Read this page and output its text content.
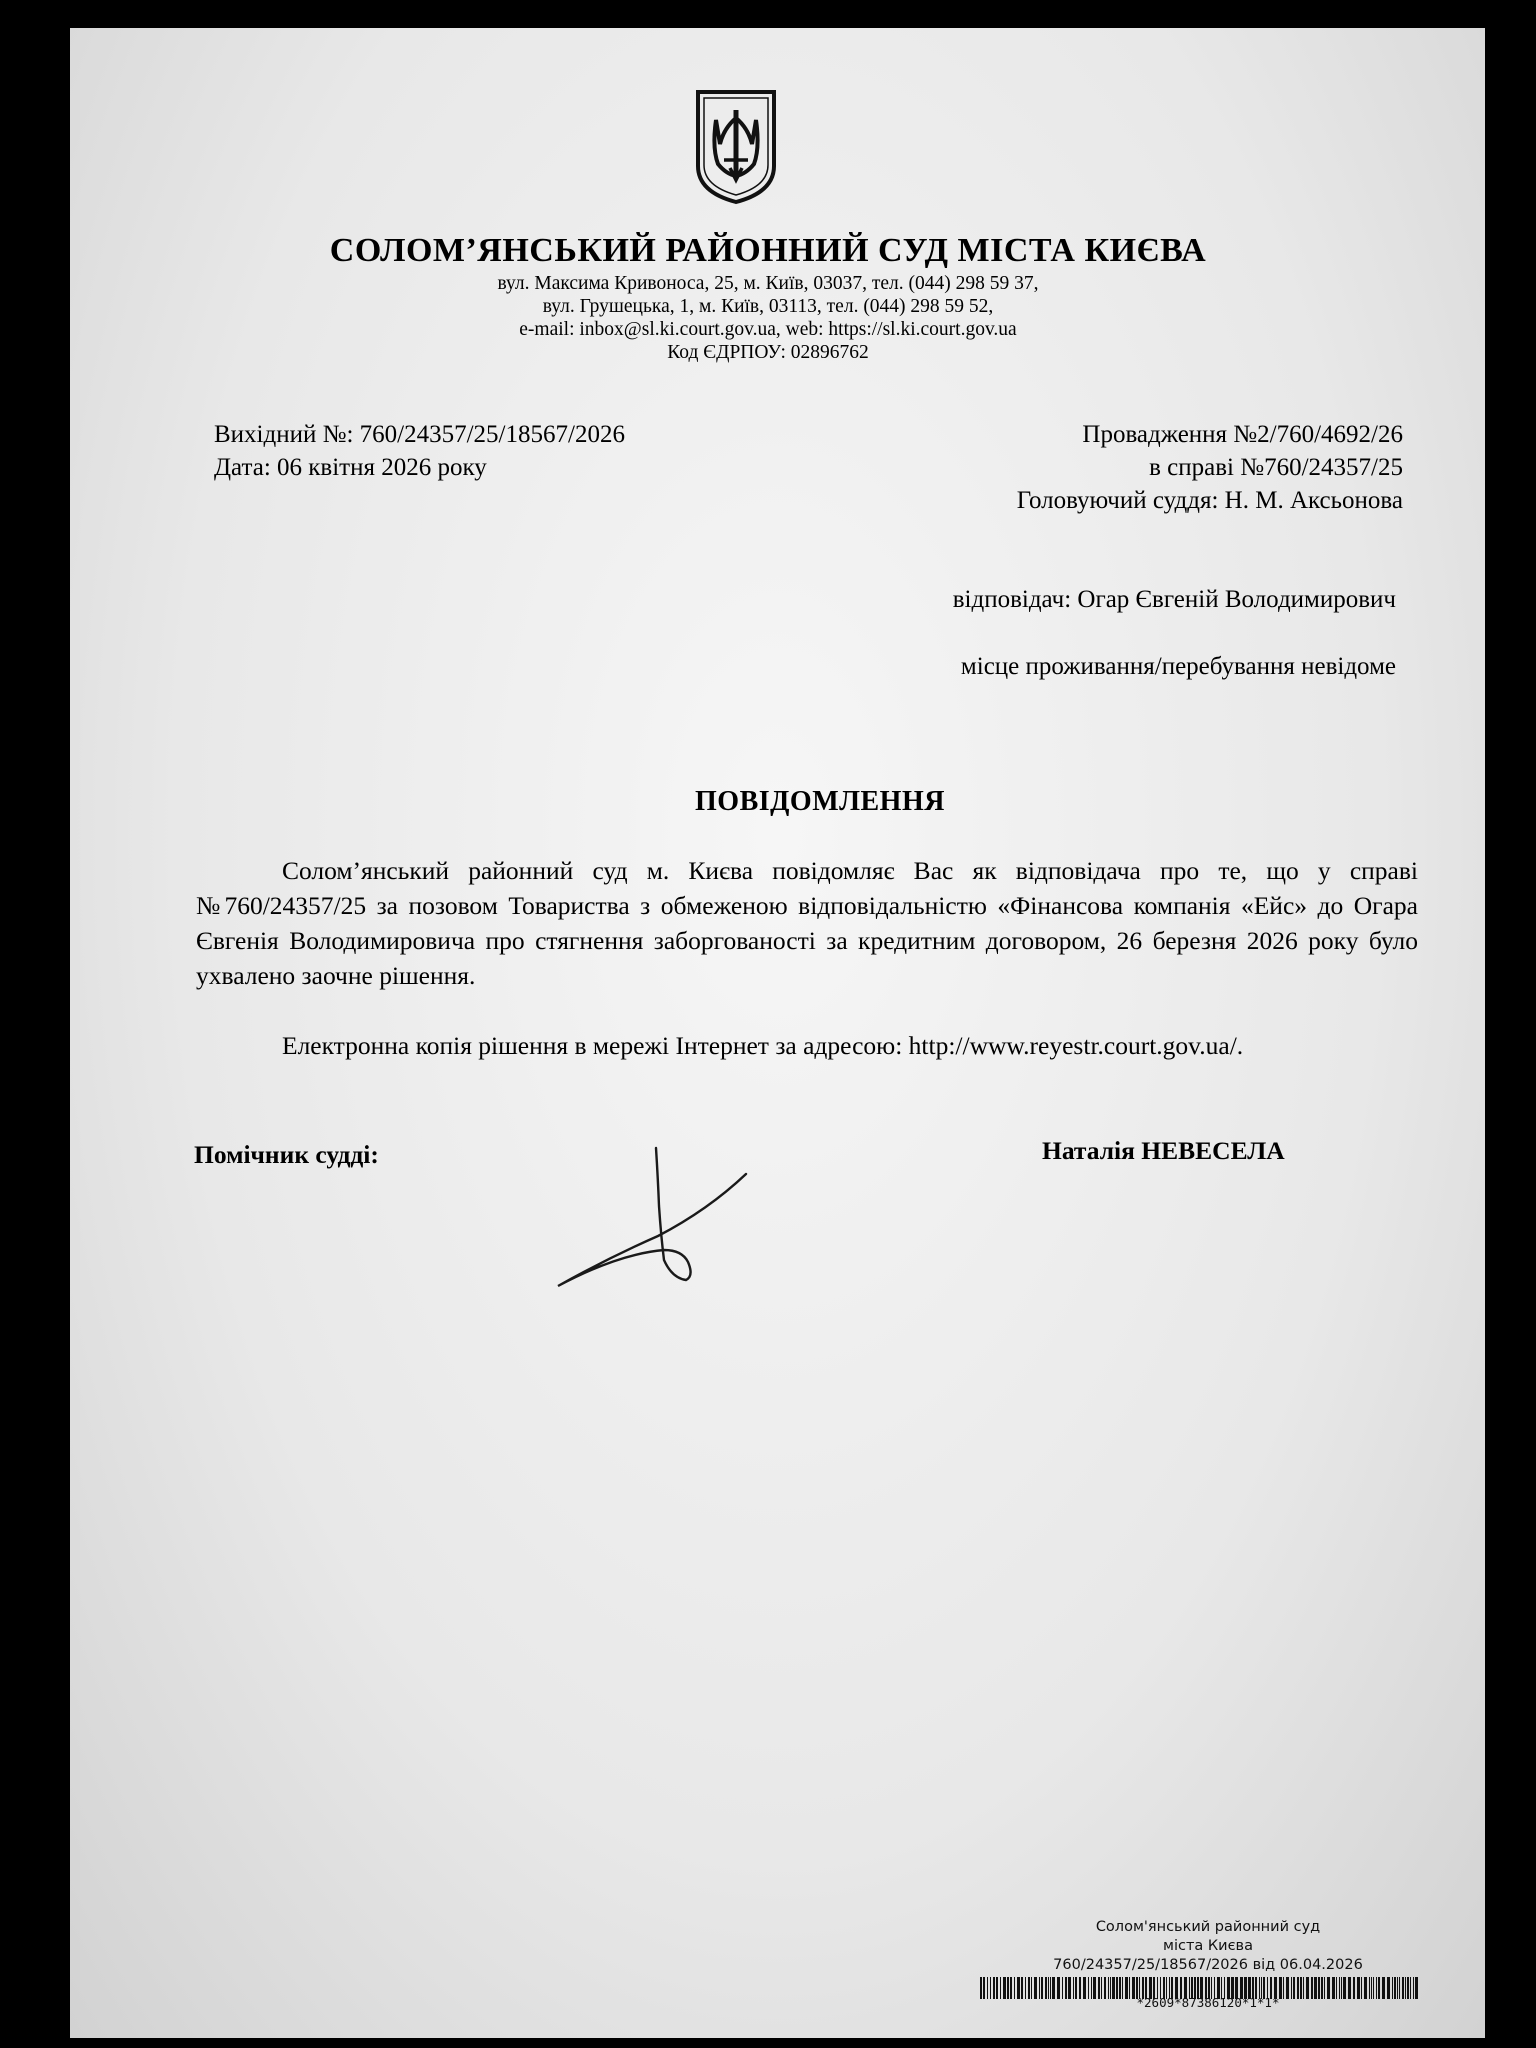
СОЛОМ’ЯНСЬКИЙ РАЙОННИЙ СУД МІСТА КИЄВА
вул. Максима Кривоноса, 25, м. Київ, 03037, тел. (044) 298 59 37,
вул. Грушецька, 1, м. Київ, 03113, тел. (044) 298 59 52,
e-mail: inbox@sl.ki.court.gov.ua, web: https://sl.ki.court.gov.ua
Код ЄДРПОУ: 02896762
Вихідний №: 760/24357/25/18567/2026
Дата: 06 квітня 2026 року
Провадження №2/760/4692/26
в справі №760/24357/25
Головуючий суддя: Н. М. Аксьонова
відповідач: Огар Євгеній Володимирович
місце проживання/перебування невідоме
ПОВІДОМЛЕННЯ

Солом’янський районний суд м. Києва повідомляє Вас як відповідача про те, що у справі №760/24357/25 за позовом Товариства з обмеженою відповідальністю «Фінансова компанія «Ейс» до Огара Євгенія Володимировича про стягнення заборгованості за кредитним договором, 26 березня 2026 року було ухвалено заочне рішення.

Електронна копія рішення в мережі Інтернет за адресою: http://www.reyestr.court.gov.ua/.
Помічник судді:	Наталія НЕВЕСЕЛА
Солом'янський районний суд
міста Києва
760/24357/25/18567/2026 від 06.04.2026
*2609*87386120*1*1*
